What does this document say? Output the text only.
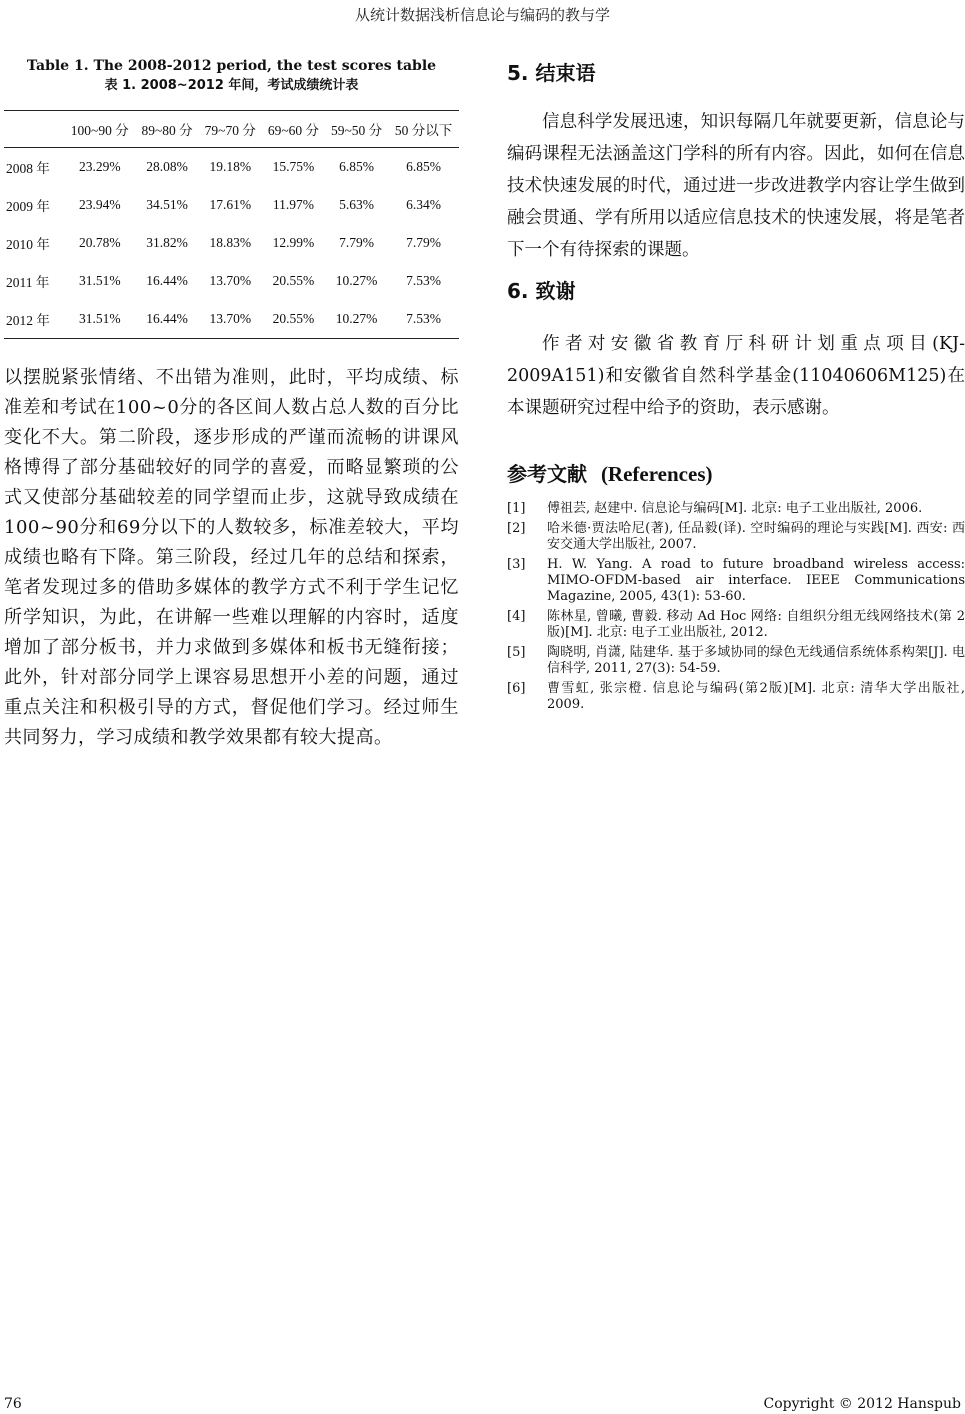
从统计数据浅析信息论与编码的教与学
Table 1. The 2008-2012 period, the test scores table
表 1. 2008~2012 年间，考试成绩统计表
	100~90 分	89~80 分	79~70 分	69~60 分	59~50 分	50 分以下
2008 年	23.29%	28.08%	19.18%	15.75%	6.85%	6.85%
2009 年	23.94%	34.51%	17.61%	11.97%	5.63%	6.34%
2010 年	20.78%	31.82%	18.83%	12.99%	7.79%	7.79%
2011 年	31.51%	16.44%	13.70%	20.55%	10.27%	7.53%
2012 年	31.51%	16.44%	13.70%	20.55%	10.27%	7.53%

以摆脱紧张情绪、不出错为准则，此时，平均成绩、标准差和考试在100~0分的各区间人数占总人数的百分比变化不大。第二阶段，逐步形成的严谨而流畅的讲课风格博得了部分基础较好的同学的喜爱，而略显繁琐的公式又使部分基础较差的同学望而止步，这就导致成绩在100~90分和69分以下的人数较多，标准差较大，平均成绩也略有下降。第三阶段，经过几年的总结和探索，笔者发现过多的借助多媒体的教学方式不利于学生记忆所学知识，为此，在讲解一些难以理解的内容时，适度增加了部分板书，并力求做到多媒体和板书无缝衔接；此外，针对部分同学上课容易思想开小差的问题，通过重点关注和积极引导的方式，督促他们学习。经过师生共同努力，学习成绩和教学效果都有较大提高。

5. 结束语

信息科学发展迅速，知识每隔几年就要更新，信息论与编码课程无法涵盖这门学科的所有内容。因此，如何在信息技术快速发展的时代，通过进一步改进教学内容让学生做到融会贯通、学有所用以适应信息技术的快速发展，将是笔者下一个有待探索的课题。

6. 致谢

作者对安徽省教育厅科研计划重点项目(KJ-2009A151)和安徽省自然科学基金(11040606M125)在本课题研究过程中给予的资助，表示感谢。

参考文献 (References)
[1]	傅祖芸, 赵建中. 信息论与编码[M]. 北京: 电子工业出版社, 2006.
[2]	哈米德·贾法哈尼(著), 任品毅(译). 空时编码的理论与实践[M]. 西安: 西安交通大学出版社, 2007.
[3]	H. W. Yang. A road to future broadband wireless access: MIMO-OFDM-based air interface. IEEE Communications Magazine, 2005, 43(1): 53-60.
[4]	陈林星, 曾曦, 曹毅. 移动 Ad Hoc 网络: 自组织分组无线网络技术(第 2 版)[M]. 北京: 电子工业出版社, 2012.
[5]	陶晓明, 肖潇, 陆建华. 基于多域协同的绿色无线通信系统体系构架[J]. 电信科学, 2011, 27(3): 54-59.
[6]	曹雪虹, 张宗橙. 信息论与编码(第2版)[M]. 北京: 清华大学出版社, 2009.
76	Copyright © 2012 Hanspub
